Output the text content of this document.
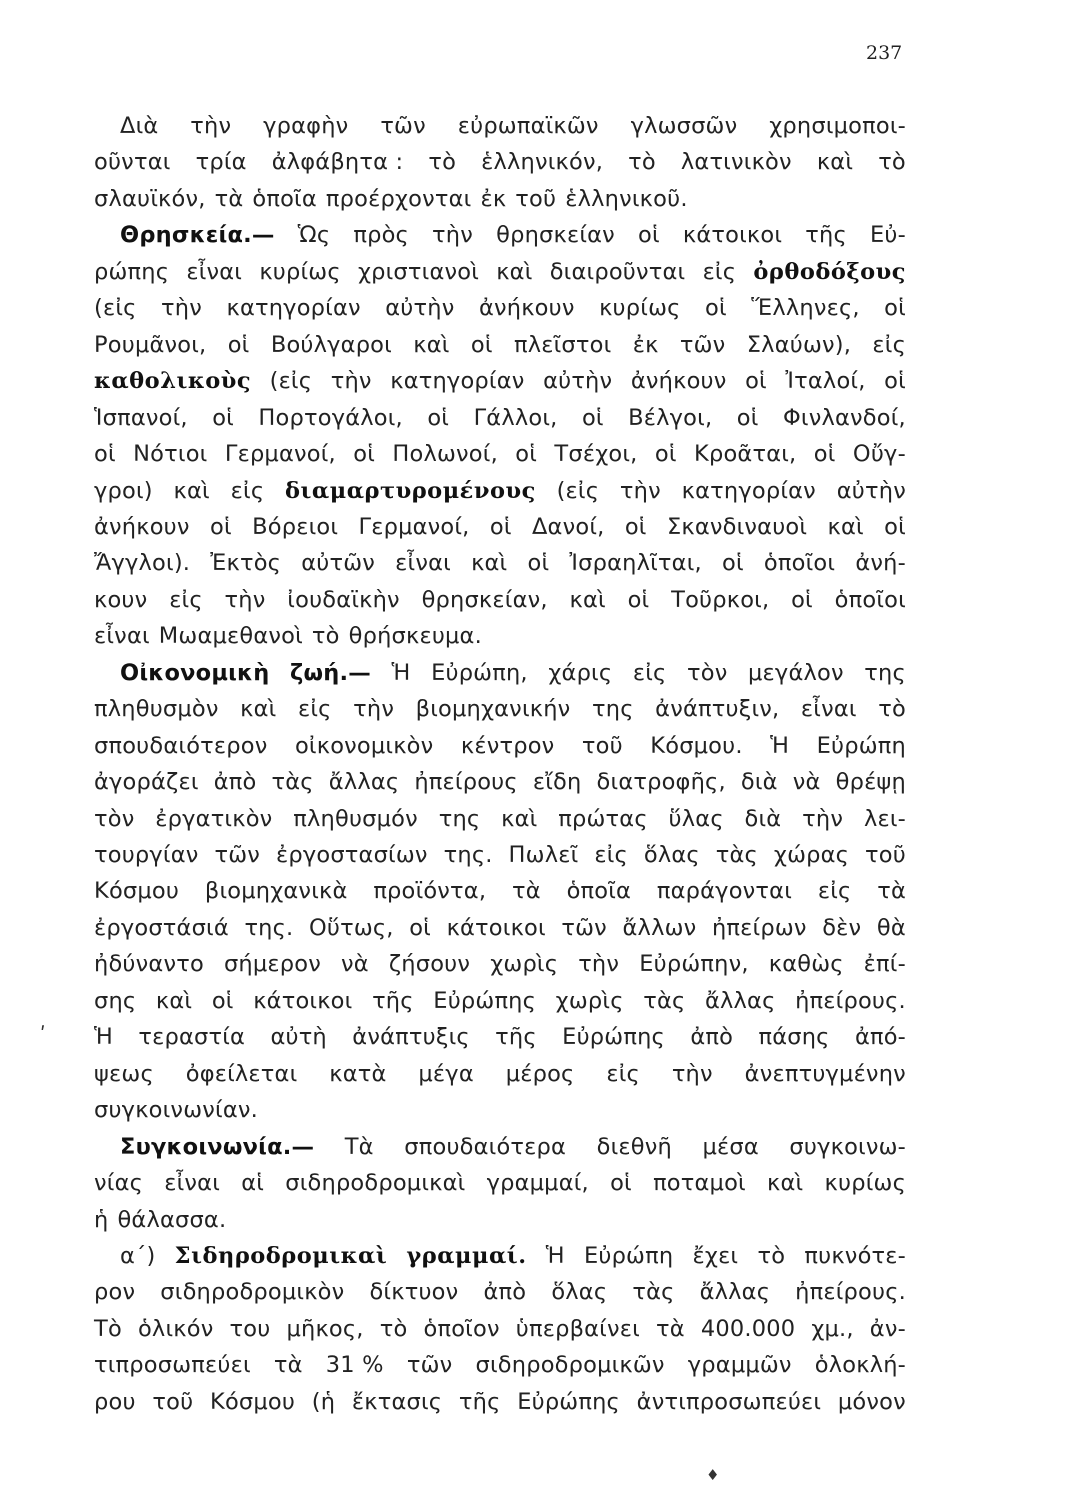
237
Διὰ τὴν γραφὴν τῶν εὐρωπαϊκῶν γλωσσῶν χρησιμοποι-
οῦνται τρία ἀλφάβητα : τὸ ἑλληνικόν, τὸ λατινικὸν καὶ τὸ
σλαυϊκόν, τὰ ὁποῖα προέρχονται ἐκ τοῦ ἑλληνικοῦ.
Θρησκεία.— Ὡς πρὸς τὴν θρησκείαν οἱ κάτοικοι τῆς Εὐ-
ρώπης εἶναι κυρίως χριστιανοὶ καὶ διαιροῦνται εἰς ὀρθοδόξους
(εἰς τὴν κατηγορίαν αὐτὴν ἀνήκουν κυρίως οἱ Ἕλληνες, οἱ
Ρουμᾶνοι, οἱ Βούλγαροι καὶ οἱ πλεῖστοι ἐκ τῶν Σλαύων), εἰς
καθολικοὺς (εἰς τὴν κατηγορίαν αὐτὴν ἀνήκουν οἱ Ἰταλοί, οἱ
Ἱσπανοί, οἱ Πορτογάλοι, οἱ Γάλλοι, οἱ Βέλγοι, οἱ Φινλανδοί,
οἱ Νότιοι Γερμανοί, οἱ Πολωνοί, οἱ Τσέχοι, οἱ Κροᾶται, οἱ Οὔγ-
γροι) καὶ εἰς διαμαρτυρομένους (εἰς τὴν κατηγορίαν αὐτὴν
ἀνήκουν οἱ Βόρειοι Γερμανοί, οἱ Δανοί, οἱ Σκανδιναυοὶ καὶ οἱ
Ἄγγλοι). Ἐκτὸς αὐτῶν εἶναι καὶ οἱ Ἰσραηλῖται, οἱ ὁποῖοι ἀνή-
κουν εἰς τὴν ἰουδαϊκὴν θρησκείαν, καὶ οἱ Τοῦρκοι, οἱ ὁποῖοι
εἶναι Μωαμεθανοὶ τὸ θρήσκευμα.
Οἰκονομικὴ ζωή.— Ἡ Εὐρώπη, χάρις εἰς τὸν μεγάλον της
πληθυσμὸν καὶ εἰς τὴν βιομηχανικήν της ἀνάπτυξιν, εἶναι τὸ
σπουδαιότερον οἰκονομικὸν κέντρον τοῦ Κόσμου. Ἡ Εὐρώπη
ἀγοράζει ἀπὸ τὰς ἄλλας ἠπείρους εἴδη διατροφῆς, διὰ νὰ θρέψῃ
τὸν ἐργατικὸν πληθυσμόν της καὶ πρώτας ὕλας διὰ τὴν λει-
τουργίαν τῶν ἐργοστασίων της. Πωλεῖ εἰς ὅλας τὰς χώρας τοῦ
Κόσμου βιομηχανικὰ προϊόντα, τὰ ὁποῖα παράγονται εἰς τὰ
ἐργοστάσιά της. Οὕτως, οἱ κάτοικοι τῶν ἄλλων ἠπείρων δὲν θὰ
ἠδύναντο σήμερον νὰ ζήσουν χωρὶς τὴν Εὐρώπην, καθὼς ἐπί-
σης καὶ οἱ κάτοικοι τῆς Εὐρώπης χωρὶς τὰς ἄλλας ἠπείρους.
Ἡ τεραστία αὐτὴ ἀνάπτυξις τῆς Εὐρώπης ἀπὸ πάσης ἀπό-
ψεως ὀφείλεται κατὰ μέγα μέρος εἰς τὴν ἀνεπτυγμένην
συγκοινωνίαν.
Συγκοινωνία.— Τὰ σπουδαιότερα διεθνῆ μέσα συγκοινω-
νίας εἶναι αἱ σιδηροδρομικαὶ γραμμαί, οἱ ποταμοὶ καὶ κυρίως
ἡ θάλασσα.
α΄) Σιδηροδρομικαὶ γραμμαί. Ἡ Εὐρώπη ἔχει τὸ πυκνότε-
ρον σιδηροδρομικὸν δίκτυον ἀπὸ ὅλας τὰς ἄλλας ἠπείρους.
Τὸ ὁλικόν του μῆκος, τὸ ὁποῖον ὑπερβαίνει τὰ 400.000 χμ., ἀν-
τιπροσωπεύει τὰ 31 % τῶν σιδηροδρομικῶν γραμμῶν ὁλοκλή-
ρου τοῦ Κόσμου (ἡ ἔκτασις τῆς Εὐρώπης ἀντιπροσωπεύει μόνον
ʹ
♦
